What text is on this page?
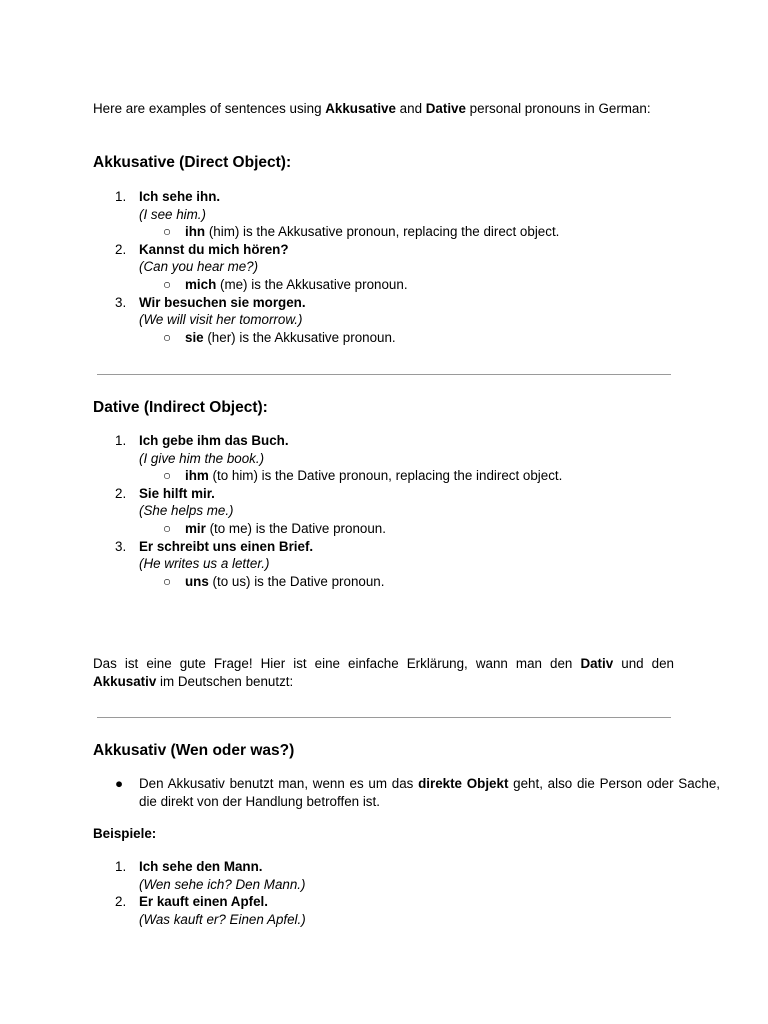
Here are examples of sentences using Akkusative and Dative personal pronouns in German:
Akkusative (Direct Object):
1. Ich sehe ihn.
(I see him.)
○ ihn (him) is the Akkusative pronoun, replacing the direct object.
2. Kannst du mich hören?
(Can you hear me?)
○ mich (me) is the Akkusative pronoun.
3. Wir besuchen sie morgen.
(We will visit her tomorrow.)
○ sie (her) is the Akkusative pronoun.
Dative (Indirect Object):
1. Ich gebe ihm das Buch.
(I give him the book.)
○ ihm (to him) is the Dative pronoun, replacing the indirect object.
2. Sie hilft mir.
(She helps me.)
○ mir (to me) is the Dative pronoun.
3. Er schreibt uns einen Brief.
(He writes us a letter.)
○ uns (to us) is the Dative pronoun.
Das ist eine gute Frage! Hier ist eine einfache Erklärung, wann man den Dativ und den Akkusativ im Deutschen benutzt:
Akkusativ (Wen oder was?)
● Den Akkusativ benutzt man, wenn es um das direkte Objekt geht, also die Person oder Sache, die direkt von der Handlung betroffen ist.
Beispiele:
1. Ich sehe den Mann.
(Wen sehe ich? Den Mann.)
2. Er kauft einen Apfel.
(Was kauft er? Einen Apfel.)
